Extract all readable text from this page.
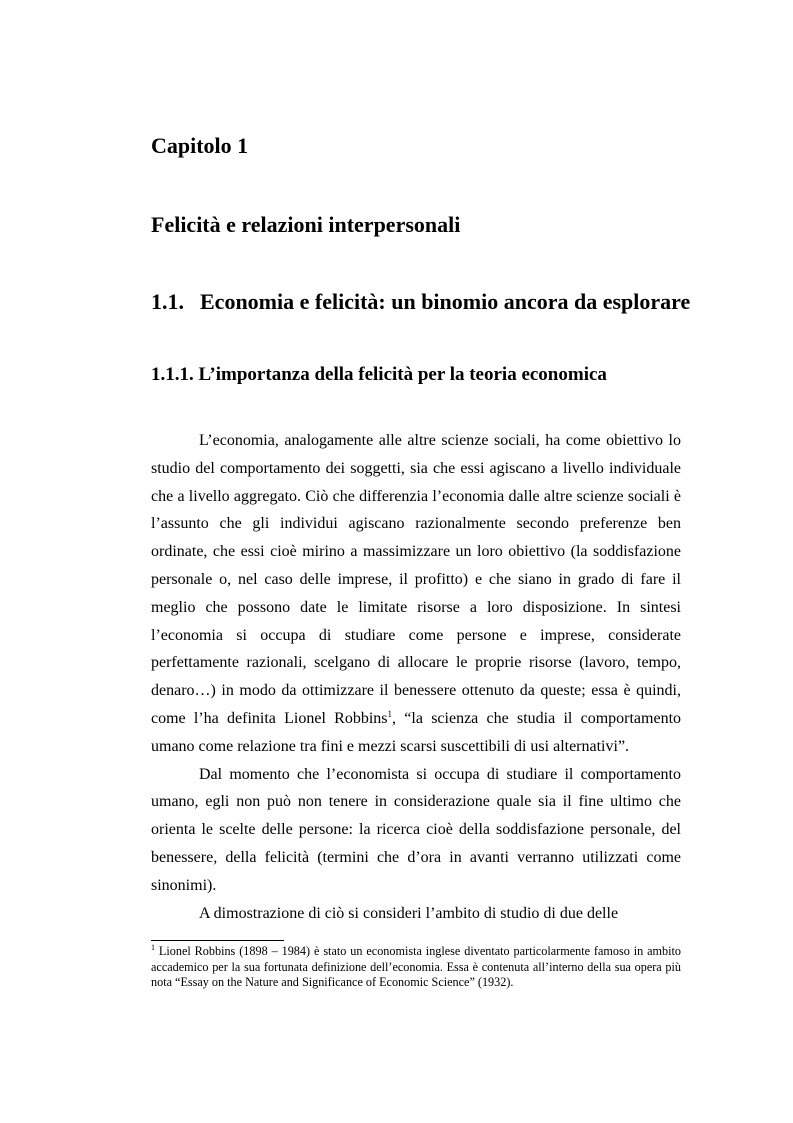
Capitolo 1
Felicità e relazioni interpersonali
1.1. Economia e felicità: un binomio ancora da esplorare
1.1.1. L’importanza della felicità per la teoria economica

L’economia, analogamente alle altre scienze sociali, ha come obiettivo lo studio del comportamento dei soggetti, sia che essi agiscano a livello individuale che a livello aggregato. Ciò che differenzia l’economia dalle altre scienze sociali è l’assunto che gli individui agiscano razionalmente secondo preferenze ben ordinate, che essi cioè mirino a massimizzare un loro obiettivo (la soddisfazione personale o, nel caso delle imprese, il profitto) e che siano in grado di fare il meglio che possono date le limitate risorse a loro disposizione. In sintesi l’economia si occupa di studiare come persone e imprese, considerate perfettamente razionali, scelgano di allocare le proprie risorse (lavoro, tempo, denaro…) in modo da ottimizzare il benessere ottenuto da queste; essa è quindi, come l’ha definita Lionel Robbins$^1$, “la scienza che studia il comportamento umano come relazione tra fini e mezzi scarsi suscettibili di usi alternativi”.

Dal momento che l’economista si occupa di studiare il comportamento umano, egli non può non tenere in considerazione quale sia il fine ultimo che orienta le scelte delle persone: la ricerca cioè della soddisfazione personale, del benessere, della felicità (termini che d’ora in avanti verranno utilizzati come sinonimi).

A dimostrazione di ciò si consideri l’ambito di studio di due delle

$^1$ Lionel Robbins (1898 – 1984) è stato un economista inglese diventato particolarmente famoso in ambito accademico per la sua fortunata definizione dell’economia. Essa è contenuta all’interno della sua opera più nota “Essay on the Nature and Significance of Economic Science” (1932).
